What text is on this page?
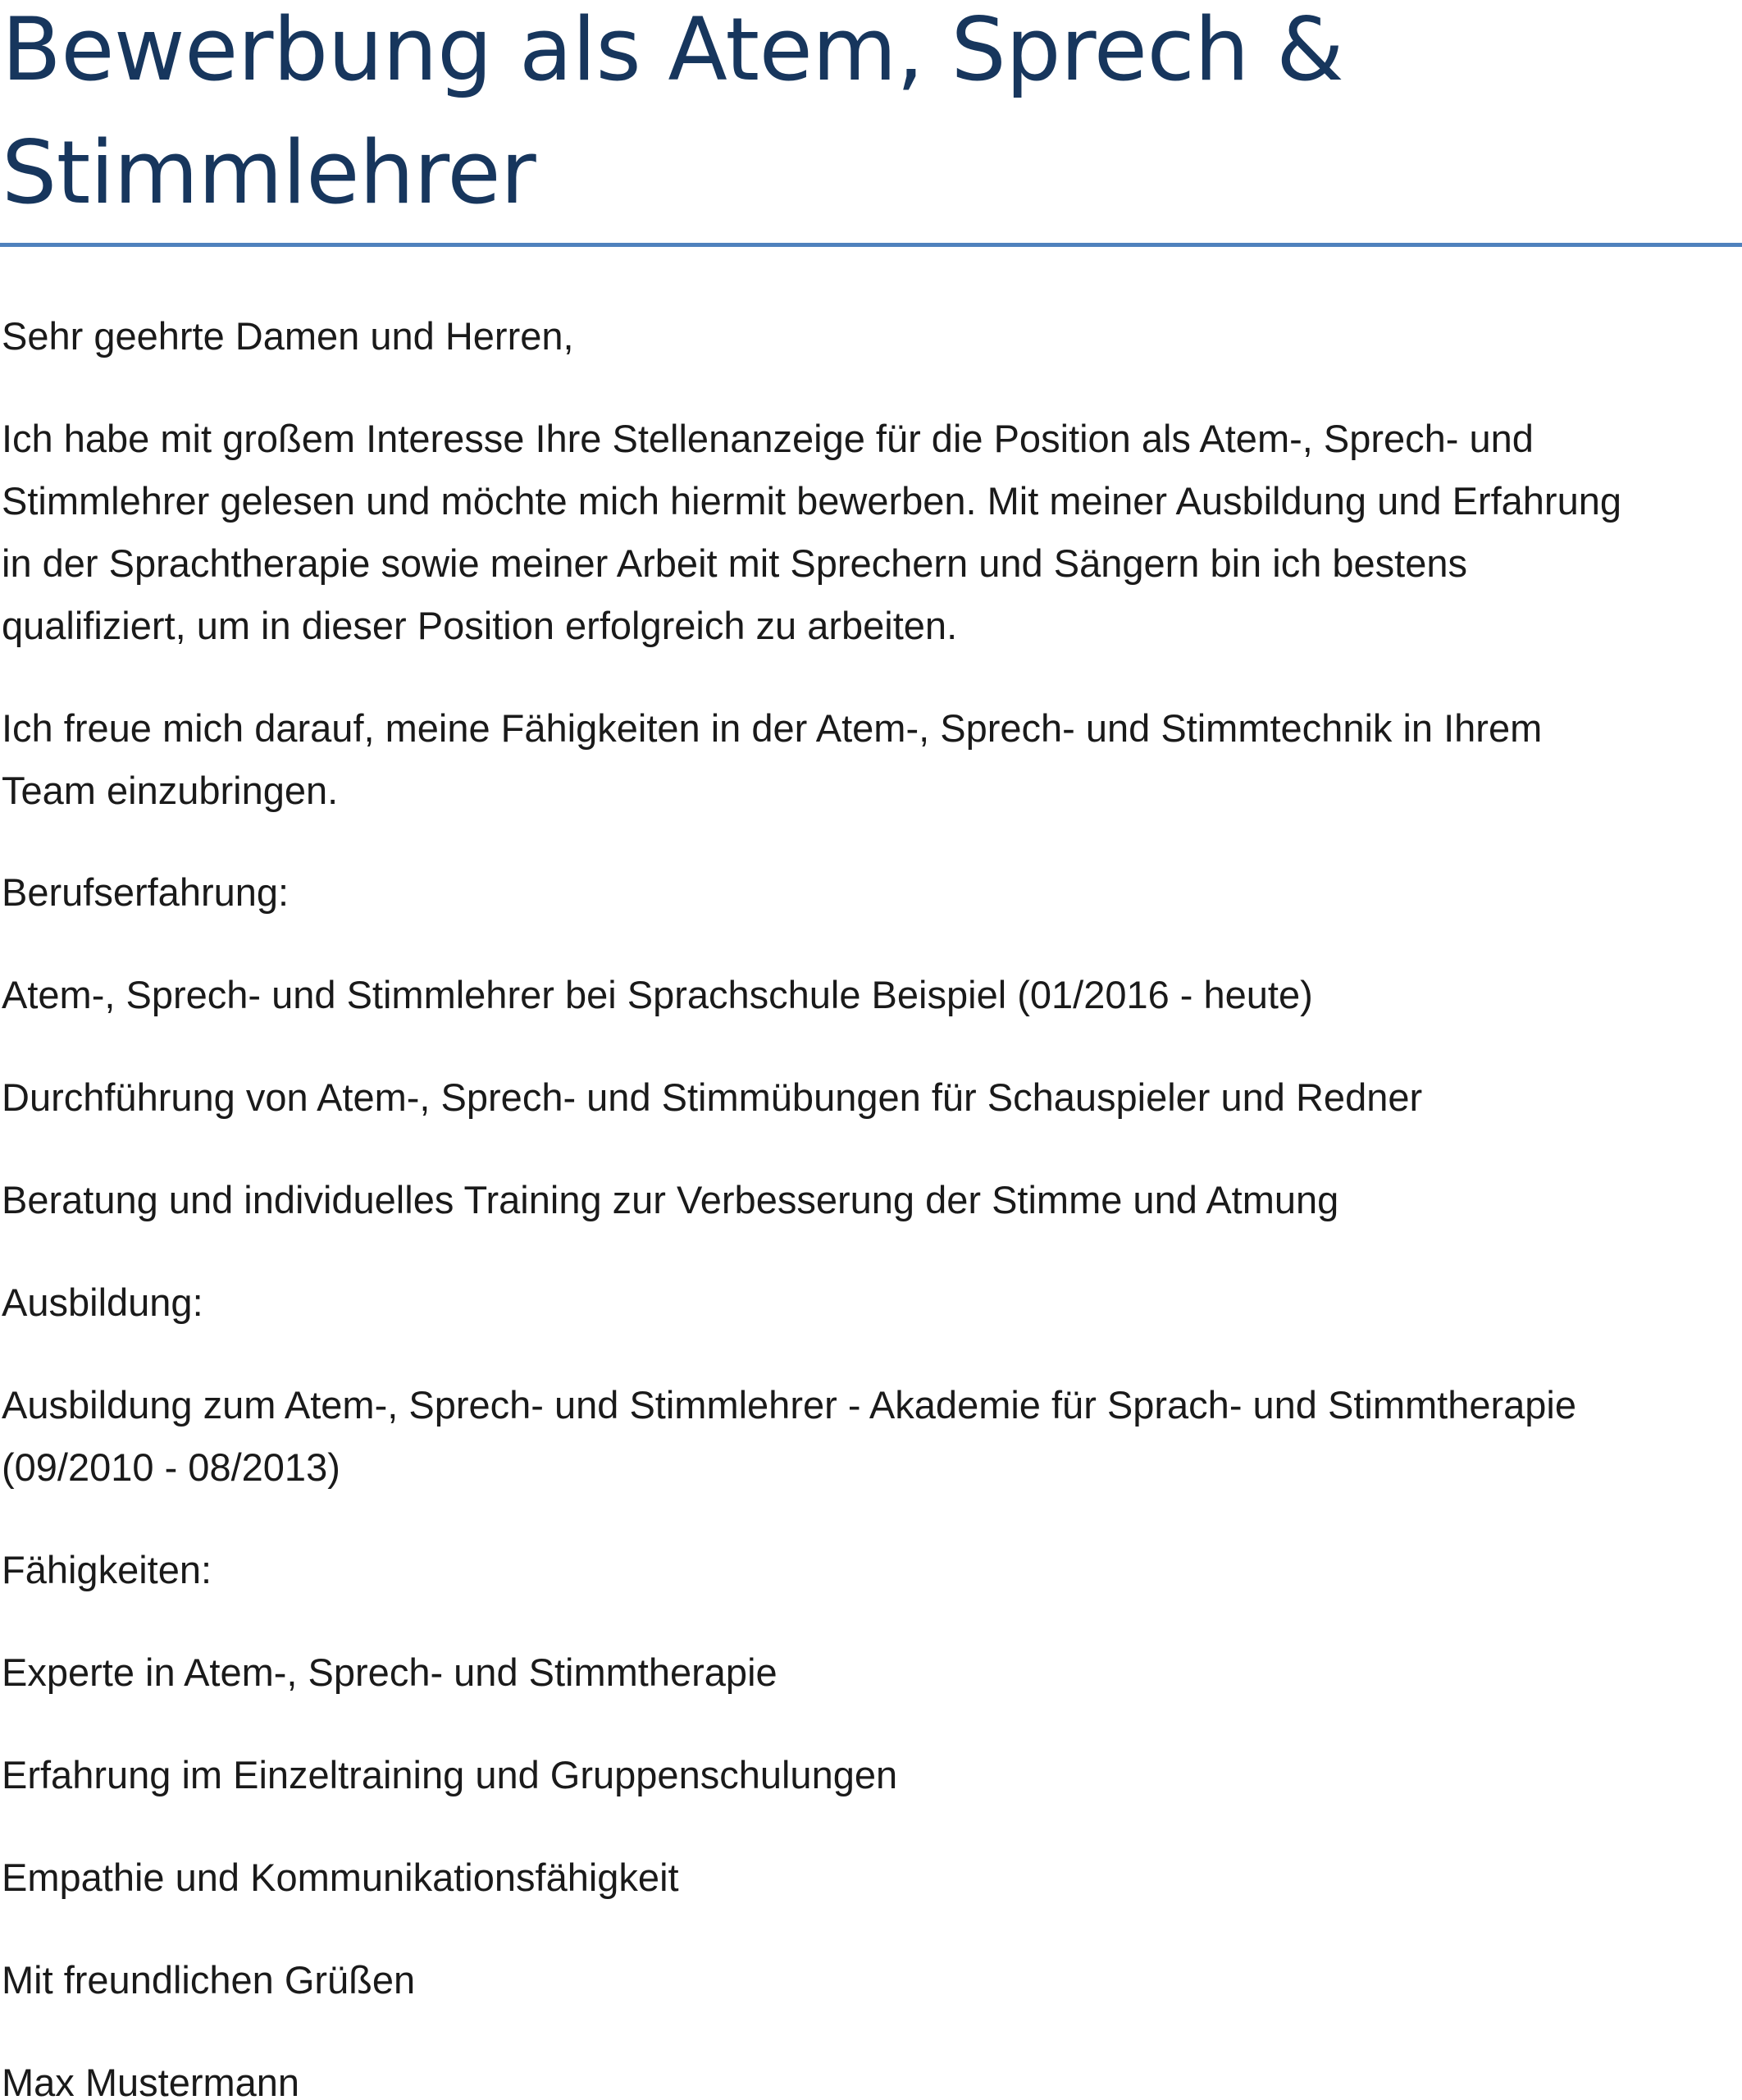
Bewerbung als Atem, Sprech &
Stimmlehrer

Sehr geehrte Damen und Herren,

Ich habe mit großem Interesse Ihre Stellenanzeige für die Position als Atem-, Sprech- und
Stimmlehrer gelesen und möchte mich hiermit bewerben. Mit meiner Ausbildung und Erfahrung
in der Sprachtherapie sowie meiner Arbeit mit Sprechern und Sängern bin ich bestens
qualifiziert, um in dieser Position erfolgreich zu arbeiten.

Ich freue mich darauf, meine Fähigkeiten in der Atem-, Sprech- und Stimmtechnik in Ihrem
Team einzubringen.

Berufserfahrung:

Atem-, Sprech- und Stimmlehrer bei Sprachschule Beispiel (01/2016 - heute)

Durchführung von Atem-, Sprech- und Stimmübungen für Schauspieler und Redner

Beratung und individuelles Training zur Verbesserung der Stimme und Atmung

Ausbildung:

Ausbildung zum Atem-, Sprech- und Stimmlehrer - Akademie für Sprach- und Stimmtherapie
(09/2010 - 08/2013)

Fähigkeiten:

Experte in Atem-, Sprech- und Stimmtherapie

Erfahrung im Einzeltraining und Gruppenschulungen

Empathie und Kommunikationsfähigkeit

Mit freundlichen Grüßen

Max Mustermann
